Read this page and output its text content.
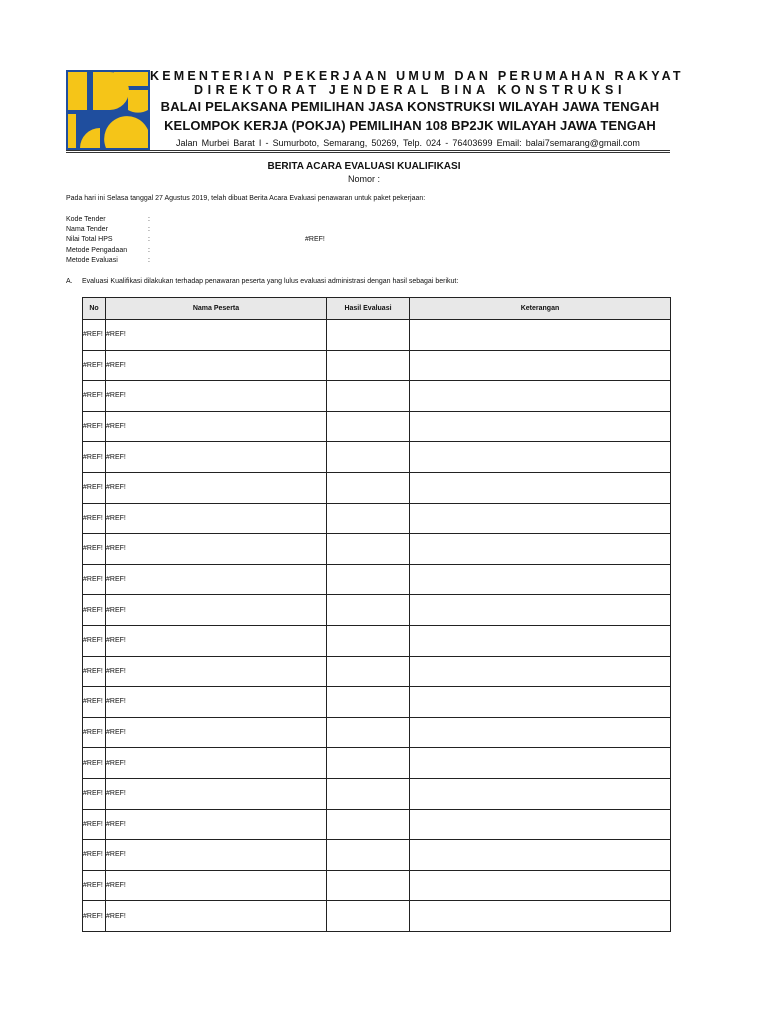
KEMENTERIAN PEKERJAAN UMUM DAN PERUMAHAN RAKYAT
DIREKTORAT JENDERAL BINA KONSTRUKSI
BALAI PELAKSANA PEMILIHAN JASA KONSTRUKSI WILAYAH JAWA TENGAH
KELOMPOK KERJA (POKJA) PEMILIHAN 108 BP2JK WILAYAH JAWA TENGAH
Jalan Murbei Barat I - Sumurboto, Semarang, 50269, Telp. 024 - 76403699 Email: balai7semarang@gmail.com
BERITA ACARA EVALUASI KUALIFIKASI
Nomor :
Pada hari ini Selasa tanggal 27 Agustus 2019, telah dibuat Berita Acara Evaluasi penawaran untuk paket pekerjaan:
Kode Tender	:
Nama Tender	:
Nilai Total HPS	:	#REF!
Metode Pengadaan	:
Metode Evaluasi	:
A. Evaluasi Kualifikasi dilakukan terhadap penawaran peserta yang lulus evaluasi administrasi dengan hasil sebagai berikut:
No	Nama Peserta	Hasil Evaluasi	Keterangan
#REF!	#REF!		
#REF!	#REF!		
#REF!	#REF!		
#REF!	#REF!		
#REF!	#REF!		
#REF!	#REF!		
#REF!	#REF!		
#REF!	#REF!		
#REF!	#REF!		
#REF!	#REF!		
#REF!	#REF!		
#REF!	#REF!		
#REF!	#REF!		
#REF!	#REF!		
#REF!	#REF!		
#REF!	#REF!		
#REF!	#REF!		
#REF!	#REF!		
#REF!	#REF!		
#REF!	#REF!		
